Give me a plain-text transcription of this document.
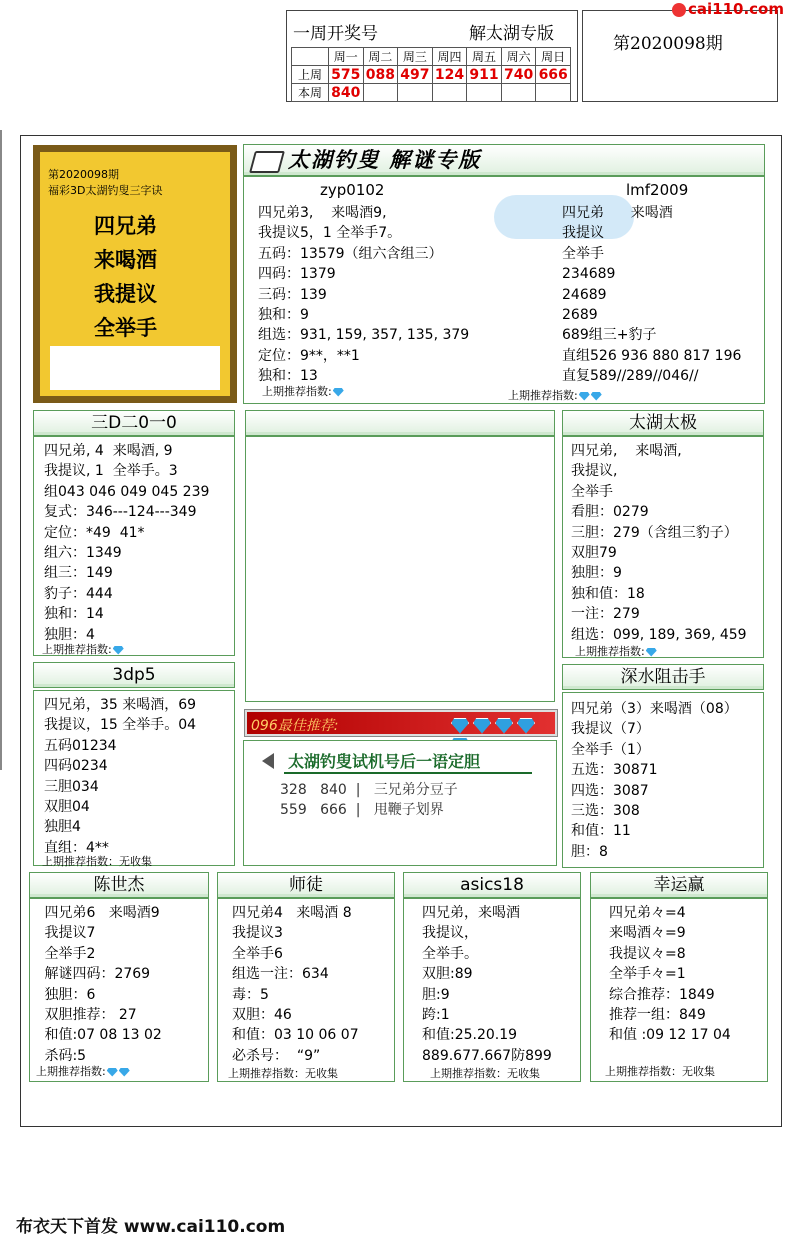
一周开奖号	解太湖专版
	周一	周二	周三	周四	周五	周六	周日
上周	575	088	497	124	911	740	666
本周	840						
第2020098期
cai110.com
第2020098期
福彩3D太湖钓叟三字诀
四兄弟
来喝酒
我提议
全举手
太湖钓叟 解谜专版
zyp0102
四兄弟3,    来喝酒9,
我提议5，1 全举手7。
五码：13579（组六含组三）
四码：1379
三码：139
独和：9
组选：931, 159, 357, 135, 379
定位：9**，**1
独和：13
上期推荐指数:
lmf2009
四兄弟      来喝酒
我提议
全举手
234689
24689
2689
689组三+豹子
直组526 936 880 817 196
直复589//289//046//
上期推荐指数:
三D二0一0
四兄弟, 4  来喝酒, 9
我提议, 1  全举手。3
组043 046 049 045 239
复式：346---124---349
定位：*49  41*
组六：1349
组三：149
豹子：444
独和：14
独胆：4
上期推荐指数:
太湖太极
四兄弟,    来喝酒,
我提议,
全举手
看胆：0279
三胆：279（含组三豹子）
双胆79
独胆：9
独和值：18
一注：279
组选：099, 189, 369, 459
上期推荐指数:
3dp5
四兄弟，35 来喝酒，69
我提议，15 全举手。04
五码01234
四码0234
三胆034
双胆04
独胆4
直组：4**
上期推荐指数：无收集
096最佳推荐:
太湖钓叟试机号后一语定胆
328 840 | 三兄弟分豆子
559 666 | 甩鞭子划界
深水阻击手
四兄弟（3）来喝酒（08）
我提议（7）
全举手（1）
五选：30871
四选：3087
三选：308
和值：11
胆：8
陈世杰
四兄弟6   来喝酒9
我提议7
全举手2
解谜四码：2769
独胆：6
双胆推荐： 27
和值:07 08 13 02
杀码:5
上期推荐指数:
师徒
四兄弟4   来喝酒 8
我提议3
全举手6
组选一注：634
毒：5
双胆：46
和值：03 10 06 07
必杀号：  “9”
上期推荐指数：无收集
asics18
四兄弟，来喝酒
我提议，
全举手。
双胆:89
胆:9
跨:1
和值:25.20.19
889.677.667防899
上期推荐指数：无收集
幸运赢
四兄弟々=4
来喝酒々=9
我提议々=8
全举手々=1
综合推荐：1849
推荐一组：849
和值 :09 12 17 04
上期推荐指数：无收集
布衣天下首发 www.cai110.com
